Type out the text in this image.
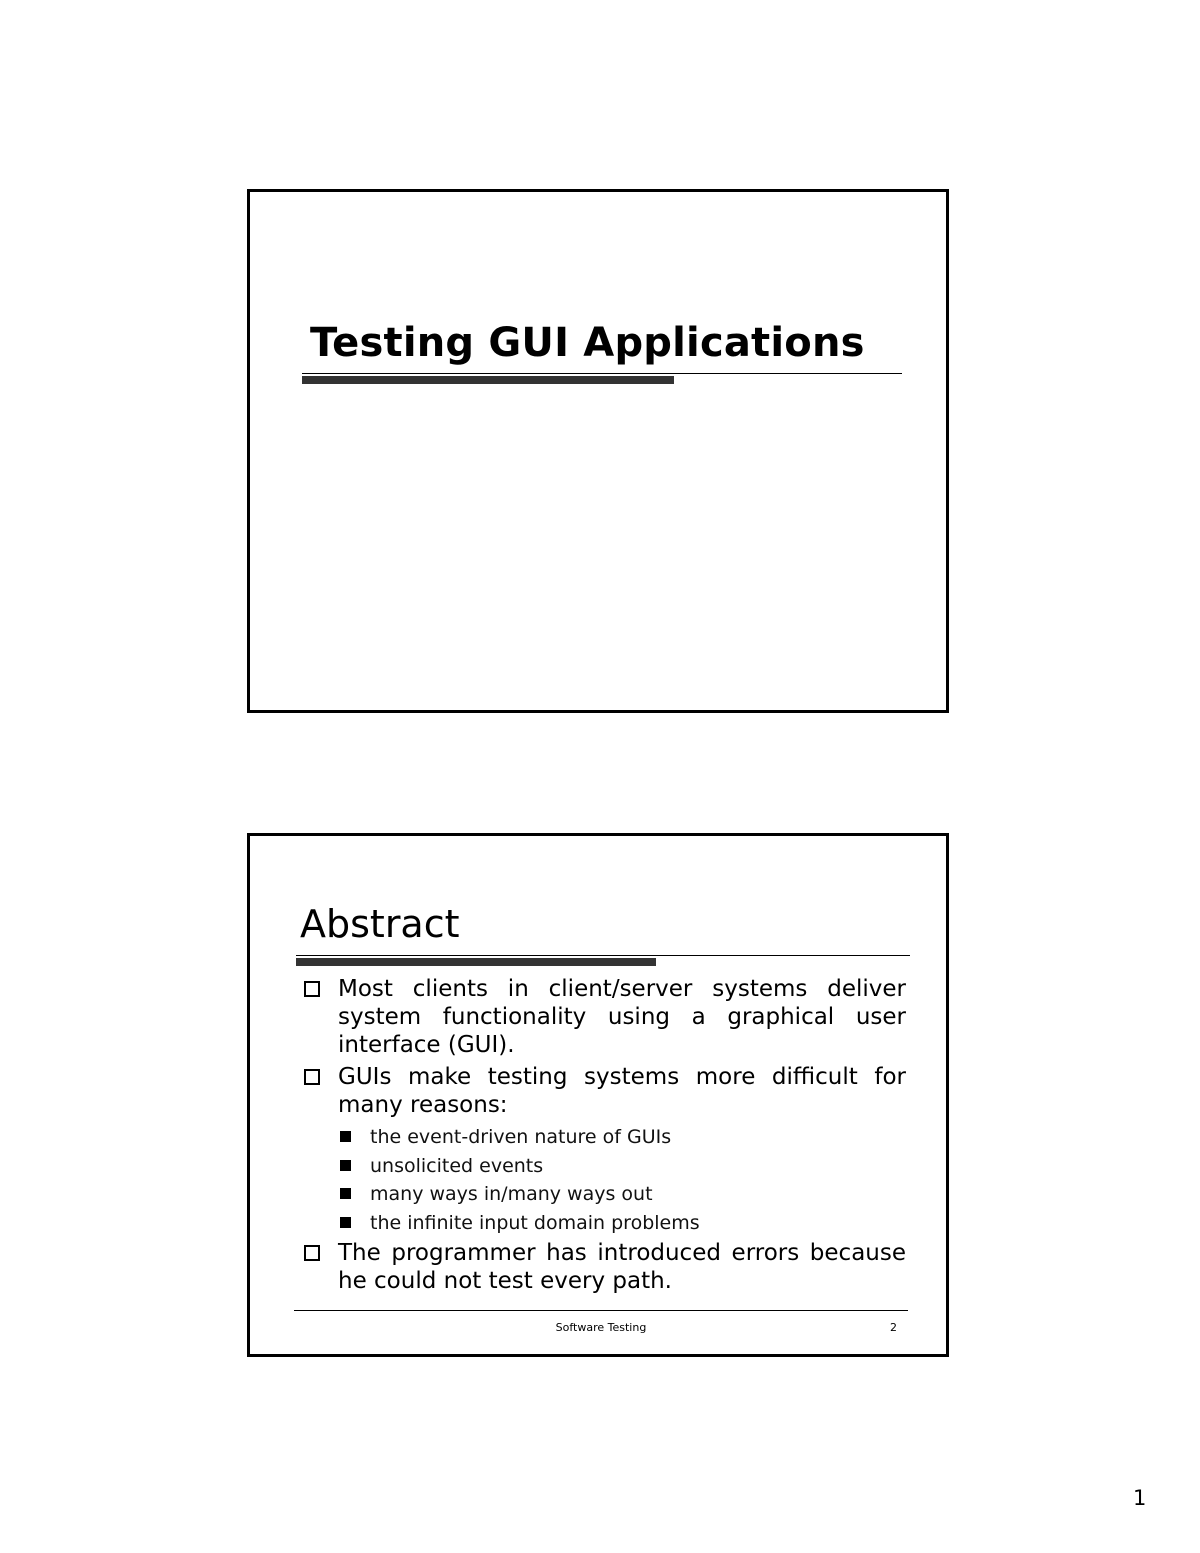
Testing GUI Applications
Abstract
Most clients in client/server systems deliver system functionality using a graphical user interface (GUI).
GUIs make testing systems more difficult for many reasons:
the event-driven nature of GUIs
unsolicited events
many ways in/many ways out
the infinite input domain problems
The programmer has introduced errors because he could not test every path.
Software Testing	2
1
